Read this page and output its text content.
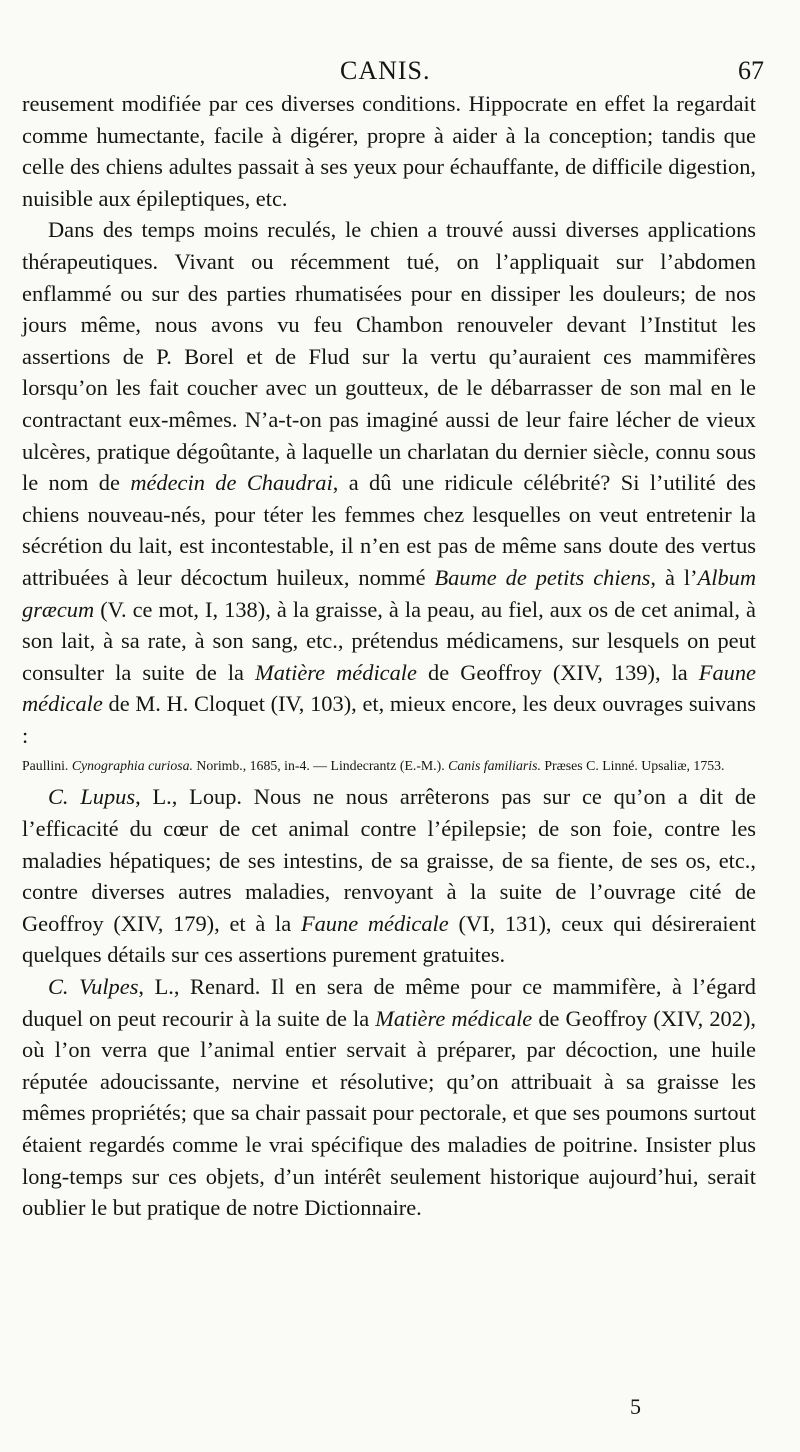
CANIS.	67

reusement modifiée par ces diverses conditions. Hippocrate en effet la regardait comme humectante, facile à digérer, propre à aider à la conception; tandis que celle des chiens adultes passait à ses yeux pour échauffante, de difficile digestion, nuisible aux épileptiques, etc.

Dans des temps moins reculés, le chien a trouvé aussi diverses applications thérapeutiques. Vivant ou récemment tué, on l’appliquait sur l’abdomen enflammé ou sur des parties rhumatisées pour en dissiper les douleurs; de nos jours même, nous avons vu feu Chambon renouveler devant l’Institut les assertions de P. Borel et de Flud sur la vertu qu’auraient ces mammifères lorsqu’on les fait coucher avec un goutteux, de le débarrasser de son mal en le contractant eux-mêmes. N’a-t-on pas imaginé aussi de leur faire lécher de vieux ulcères, pratique dégoûtante, à laquelle un charlatan du dernier siècle, connu sous le nom de médecin de Chaudrai, a dû une ridicule célébrité? Si l’utilité des chiens nouveau-nés, pour téter les femmes chez lesquelles on veut entretenir la sécrétion du lait, est incontestable, il n’en est pas de même sans doute des vertus attribuées à leur décoctum huileux, nommé Baume de petits chiens, à l’Album græcum (V. ce mot, I, 138), à la graisse, à la peau, au fiel, aux os de cet animal, à son lait, à sa rate, à son sang, etc., prétendus médicamens, sur lesquels on peut consulter la suite de la Matière médicale de Geoffroy (XIV, 139), la Faune médicale de M. H. Cloquet (IV, 103), et, mieux encore, les deux ouvrages suivans :

Paullini. Cynographia curiosa. Norimb., 1685, in-4. — Lindecrantz (E.-M.). Canis familiaris. Præses C. Linné. Upsaliæ, 1753.

C. Lupus, L., Loup. Nous ne nous arrêterons pas sur ce qu’on a dit de l’efficacité du cœur de cet animal contre l’épilepsie; de son foie, contre les maladies hépatiques; de ses intestins, de sa graisse, de sa fiente, de ses os, etc., contre diverses autres maladies, renvoyant à la suite de l’ouvrage cité de Geoffroy (XIV, 179), et à la Faune médicale (VI, 131), ceux qui désireraient quelques détails sur ces assertions purement gratuites.

C. Vulpes, L., Renard. Il en sera de même pour ce mammifère, à l’égard duquel on peut recourir à la suite de la Matière médicale de Geoffroy (XIV, 202), où l’on verra que l’animal entier servait à préparer, par décoction, une huile réputée adoucissante, nervine et résolutive; qu’on attribuait à sa graisse les mêmes propriétés; que sa chair passait pour pectorale, et que ses poumons surtout étaient regardés comme le vrai spécifique des maladies de poitrine. Insister plus long-temps sur ces objets, d’un intérêt seulement historique aujourd’hui, serait oublier le but pratique de notre Dictionnaire.

5
